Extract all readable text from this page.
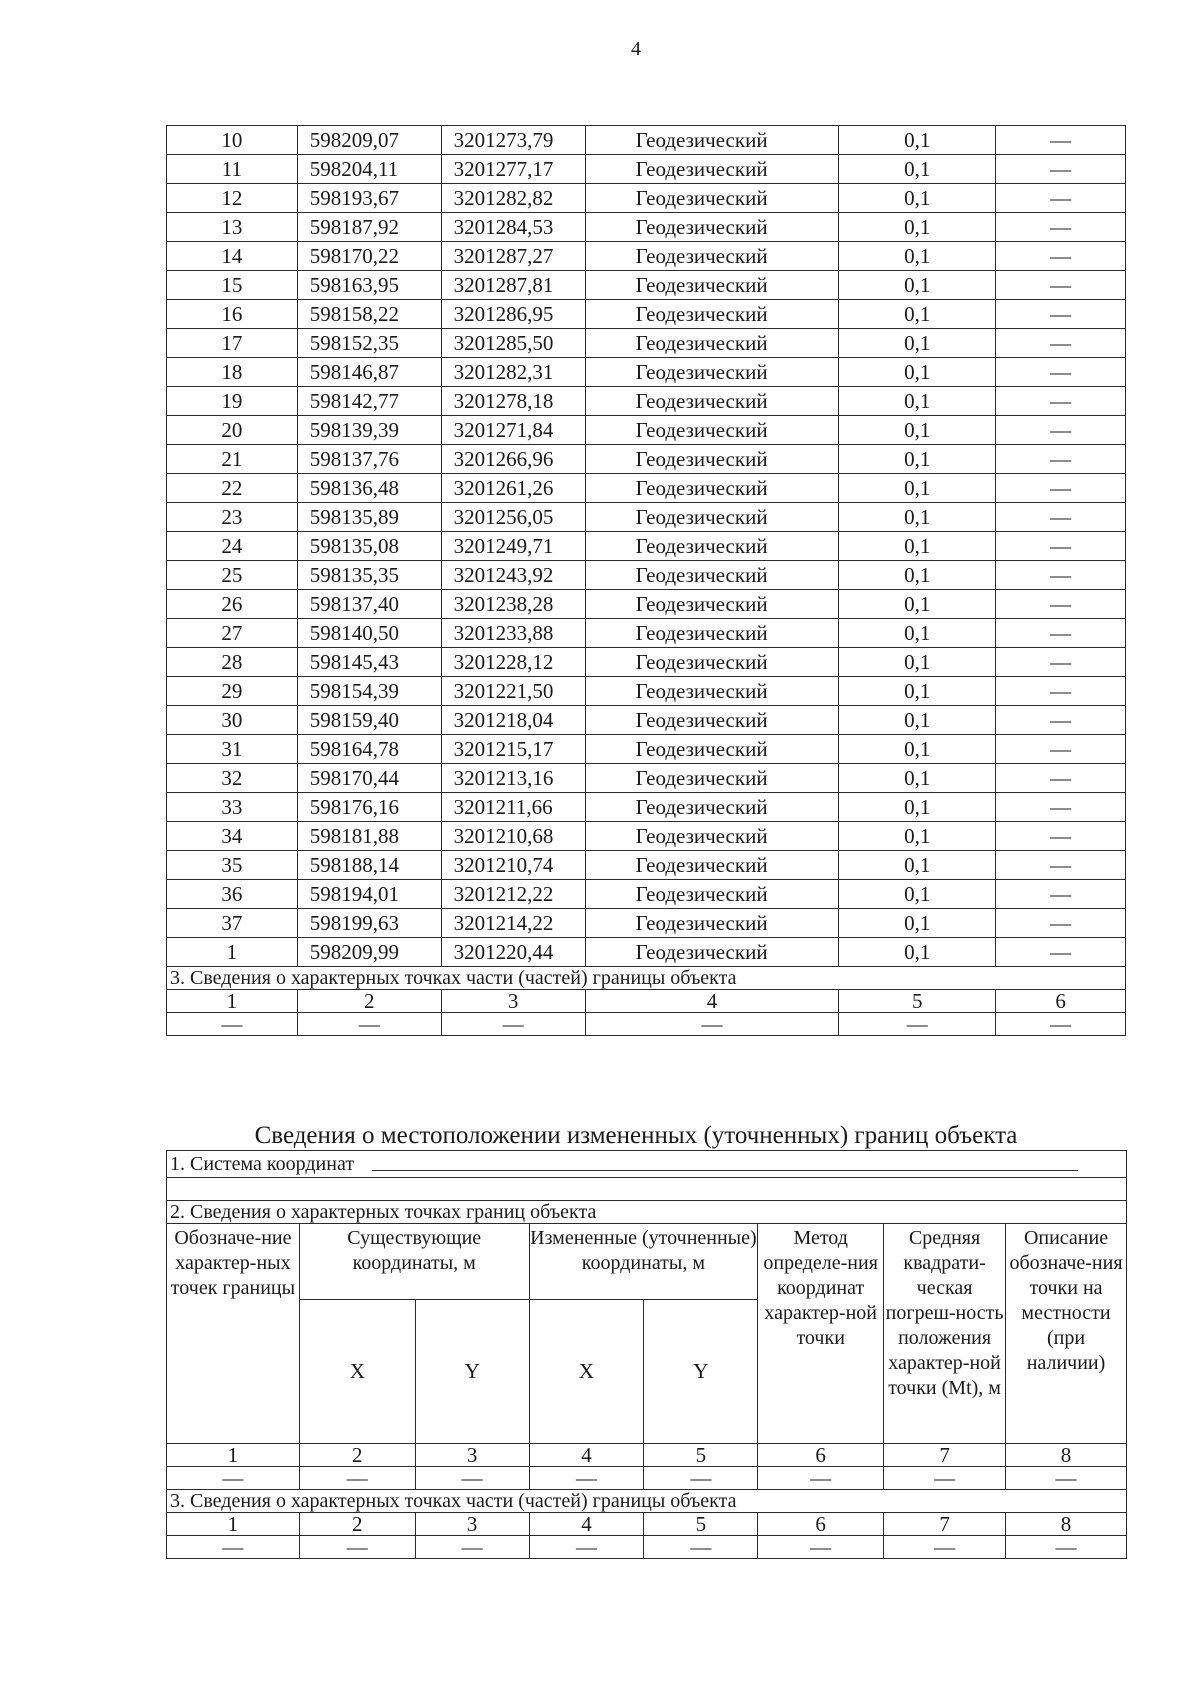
4
10	598209,07	3201273,79	Геодезический	0,1	—
11	598204,11	3201277,17	Геодезический	0,1	—
12	598193,67	3201282,82	Геодезический	0,1	—
13	598187,92	3201284,53	Геодезический	0,1	—
14	598170,22	3201287,27	Геодезический	0,1	—
15	598163,95	3201287,81	Геодезический	0,1	—
16	598158,22	3201286,95	Геодезический	0,1	—
17	598152,35	3201285,50	Геодезический	0,1	—
18	598146,87	3201282,31	Геодезический	0,1	—
19	598142,77	3201278,18	Геодезический	0,1	—
20	598139,39	3201271,84	Геодезический	0,1	—
21	598137,76	3201266,96	Геодезический	0,1	—
22	598136,48	3201261,26	Геодезический	0,1	—
23	598135,89	3201256,05	Геодезический	0,1	—
24	598135,08	3201249,71	Геодезический	0,1	—
25	598135,35	3201243,92	Геодезический	0,1	—
26	598137,40	3201238,28	Геодезический	0,1	—
27	598140,50	3201233,88	Геодезический	0,1	—
28	598145,43	3201228,12	Геодезический	0,1	—
29	598154,39	3201221,50	Геодезический	0,1	—
30	598159,40	3201218,04	Геодезический	0,1	—
31	598164,78	3201215,17	Геодезический	0,1	—
32	598170,44	3201213,16	Геодезический	0,1	—
33	598176,16	3201211,66	Геодезический	0,1	—
34	598181,88	3201210,68	Геодезический	0,1	—
35	598188,14	3201210,74	Геодезический	0,1	—
36	598194,01	3201212,22	Геодезический	0,1	—
37	598199,63	3201214,22	Геодезический	0,1	—
1	598209,99	3201220,44	Геодезический	0,1	—
3. Сведения о характерных точках части (частей) границы объекта					
1	2	3	4	5	6
—	—	—	—	—	—
Сведения о местоположении измененных (уточненных) границ объекта
1. Система координат							

2. Сведения о характерных точках границ объекта							
Обозначе-ние характер-ных точек границы	Существующие координаты, м		Измененные (уточненные) координаты, м		Метод определе-ния координат характер-ной точки	Средняя квадрати-ческая погреш-ность положения характер-ной точки (Mt), м	Описание обозначе-ния точки на местности (при наличии)
	X	Y	X	Y			
1	2	3	4	5	6	7	8
—	—	—	—	—	—	—	—
3. Сведения о характерных точках части (частей) границы объекта							
1	2	3	4	5	6	7	8
—	—	—	—	—	—	—	—
